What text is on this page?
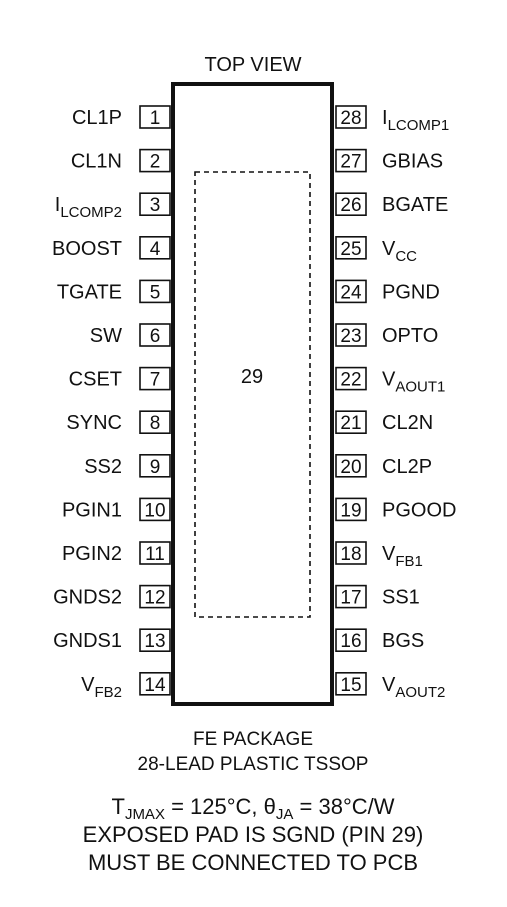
TOP VIEW
29
1
CL1P
2
CL1N
3
$I_{LCOMP2}$
4
BOOST
5
TGATE
6
SW
7
CSET
8
SYNC
9
SS2
10
PGIN1
11
PGIN2
12
GNDS2
13
GNDS1
14
$V_{FB2}$
28 $I_{LCOMP1}$
27 GBIAS
26 BGATE
25 $V_{CC}$
24 PGND
23 OPTO
22 $V_{AOUT1}$
21 CL2N
20 CL2P
19 PGOOD
18 $V_{FB1}$
17 SS1
16 BGS
15 $V_{AOUT2}$
FE PACKAGE
28-LEAD PLASTIC TSSOP
$T_{JMAX} = 125^\circ C$, $\theta_{JA} = 38^\circ C/W$
EXPOSED PAD IS SGND (PIN 29)
MUST BE CONNECTED TO PCB
